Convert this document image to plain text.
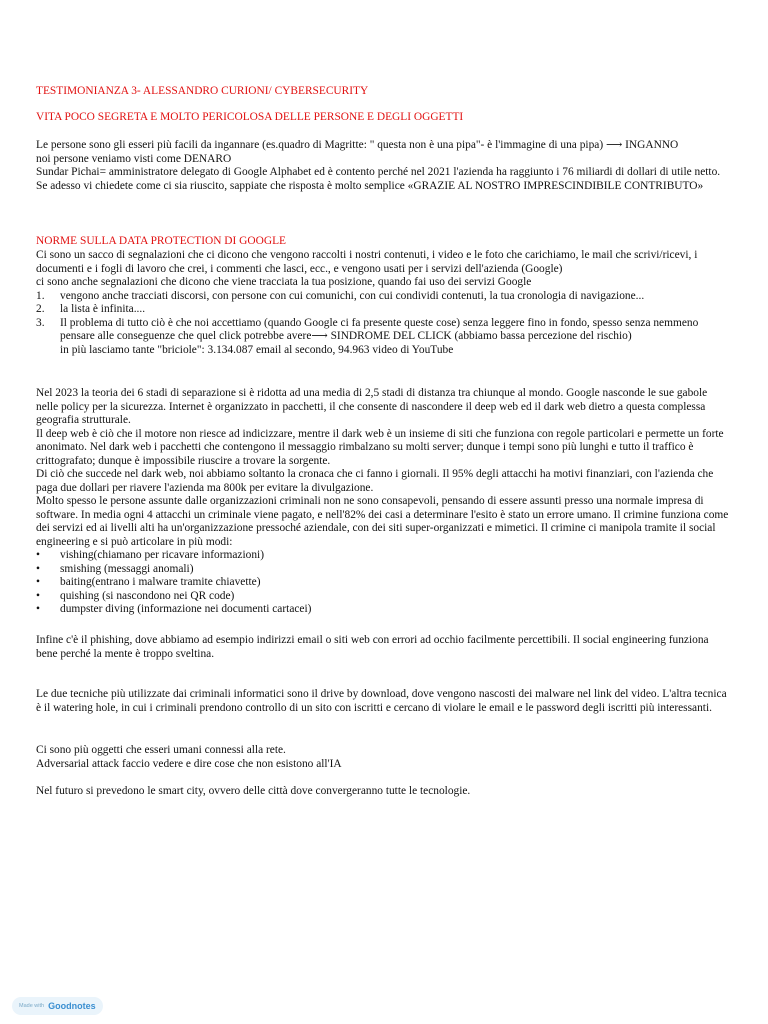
TESTIMONIANZA 3- ALESSANDRO CURIONI/ CYBERSECURITY
VITA POCO SEGRETA E MOLTO PERICOLOSA DELLE PERSONE E DEGLI OGGETTI

Le persone sono gli esseri più facili da ingannare (es.quadro di Magritte: " questa non è una pipa"- è l'immagine di una pipa) ⟶ INGANNO

noi persone veniamo visti come DENARO

Sundar Pichai= amministratore delegato di Google Alphabet ed è contento perché nel 2021 l'azienda ha raggiunto i 76 miliardi di dollari di utile netto. Se adesso vi chiedete come ci sia riuscito, sappiate che risposta è molto semplice «GRAZIE AL NOSTRO IMPRESCINDIBILE CONTRIBUTO»

NORME SULLA DATA PROTECTION DI GOOGLE

Ci sono un sacco di segnalazioni che ci dicono che vengono raccolti i nostri contenuti, i video e le foto che carichiamo, le mail che scrivi/ricevi, i documenti e i fogli di lavoro che crei, i commenti che lasci, ecc., e vengono usati per i servizi dell'azienda (Google)

ci sono anche segnalazioni che dicono che viene tracciata la tua posizione, quando fai uso dei servizi Google

1. vengono anche tracciati discorsi, con persone con cui comunichi, con cui condividi contenuti, la tua cronologia di navigazione...
2. la lista è infinita....
3. Il problema di tutto ciò è che noi accettiamo (quando Google ci fa presente queste cose) senza leggere fino in fondo, spesso senza nemmeno pensare alle conseguenze che quel click potrebbe avere⟶ SINDROME DEL CLICK (abbiamo bassa percezione del rischio)

in più lasciamo tante "briciole": 3.134.087 email al secondo, 94.963 video di YouTube

Nel 2023 la teoria dei 6 stadi di separazione si è ridotta ad una media di 2,5 stadi di distanza tra chiunque al mondo. Google nasconde le sue gabole nelle policy per la sicurezza. Internet è organizzato in pacchetti, il che consente di nascondere il deep web ed il dark web dietro a questa complessa geografia strutturale.

Il deep web è ciò che il motore non riesce ad indicizzare, mentre il dark web è un insieme di siti che funziona con regole particolari e permette un forte anonimato. Nel dark web i pacchetti che contengono il messaggio rimbalzano su molti server; dunque i tempi sono più lunghi e tutto il traffico è crittografato; dunque è impossibile riuscire a trovare la sorgente.

Di ciò che succede nel dark web, noi abbiamo soltanto la cronaca che ci fanno i giornali. Il 95% degli attacchi ha motivi finanziari, con l'azienda che paga due dollari per riavere l'azienda ma 800k per evitare la divulgazione.

Molto spesso le persone assunte dalle organizzazioni criminali non ne sono consapevoli, pensando di essere assunti presso una normale impresa di software. In media ogni 4 attacchi un criminale viene pagato, e nell'82% dei casi a determinare l'esito è stato un errore umano. Il crimine funziona come dei servizi ed ai livelli alti ha un'organizzazione pressoché aziendale, con dei siti super-organizzati e mimetici. Il crimine ci manipola tramite il social engineering e si può articolare in più modi:

• vishing(chiamano per ricavare informazioni)
• smishing (messaggi anomali)
• baiting(entrano i malware tramite chiavette)
• quishing (si nascondono nei QR code)
• dumpster diving (informazione nei documenti cartacei)
Infine c'è il phishing, dove abbiamo ad esempio indirizzi email o siti web con errori ad occhio facilmente percettibili. Il social engineering funziona bene perché la mente è troppo sveltina.
Le due tecniche più utilizzate dai criminali informatici sono il drive by download, dove vengono nascosti dei malware nel link del video. L'altra tecnica è il watering hole, in cui i criminali prendono controllo di un sito con iscritti e cercano di violare le email e le password degli iscritti più interessanti.

Ci sono più oggetti che esseri umani connessi alla rete.

Adversarial attack faccio vedere e dire cose che non esistono all'IA

Nel futuro si prevedono le smart city, ovvero delle città dove convergeranno tutte le tecnologie.
Made with Goodnotes
